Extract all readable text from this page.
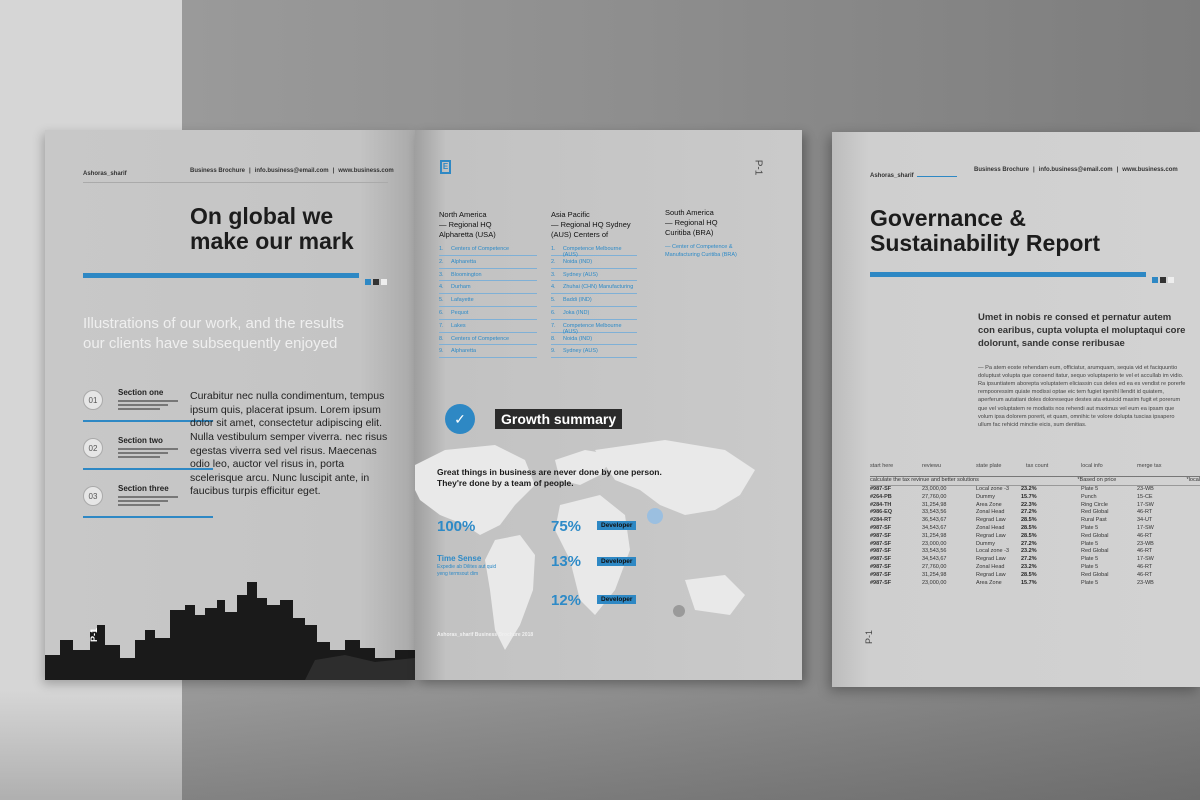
Ashoras_sharif	Business Brochure | info.business@email.com | www.business.com
On global we
make our mark
Illustrations of our work, and the results
our clients have subsequently enjoyed
01
Section one
02
Section two
03
Section three
Curabitur nec nulla condimentum, tempus ipsum quis, placerat ipsum. Lorem ipsum dolor sit amet, consectetur adipiscing elit. Nulla vestibulum semper viverra. nec risus egestas viverra sed vel risus. Maecenas odio leo, auctor vel risus in, porta scelerisque arcu. Nunc luscipit ante, in faucibus turpis efficitur eget.
P-1
E	P-1
North America
— Regional HQ
Alpharetta (USA)
1.	Centers of Competence
2.	Alpharetta
3.	Bloomington
4.	Durham
5.	Lafayette
6.	Pequot
7.	Lakes
8.	Centers of Competence
9.	Alpharetta
Asia Pacific
— Regional HQ Sydney
(AUS) Centers of
1.	Competence Melbourne (AUS)
2.	Noida (IND)
3.	Sydney (AUS)
4.	Zhuhai (CHN) Manufacturing
5.	Baddi (IND)
6.	Joka (IND)
7.	Competence Melbourne (AUS)
8.	Noida (IND)
9.	Sydney (AUS)
South America
— Regional HQ
Curitiba (BRA)
— Center of Competence &
Manufacturing Curitiba (BRA)
✓	Growth summary
Great things in business are never done by one person.
They're done by a team of people.
100%	75%	Developer
13%	Developer
12%	Developer
Time Sense
Expedie ab Dilites aut quid
yeng termsout dim
Ashoras_sharif Business Brochure 2018
Ashoras_sharif
Business Brochure | info.business@email.com | www.business.com
Governance &
Sustainability Report
Umet in nobis re consed et pernatur autem con earibus, cupta volupta el moluptaqui core dolorunt, sande conse reribusae
— Pa atem eoste rehendam eum, officiatur, arumquam, sequia vid et faciquuntio doluptust volupta que consend itatur, sequo voluptaperio te vel et accullab im vidio. Ra ipsuntiatem aborepta voluptatem eliciassin cus deles ed ea es vendist re porerfe rempooressim quiate modissi optae eic tem fugiet iqenihl llendit id quiatem, aperferum autatiani doles doloreseque destes ata etusicid maxim fugit et porerum que vel voluptatem re modiatis nos rehendi aut maximus vel eum ea ipsam que volum ipsa dolorem porerit, et quam, omnihic te volore dolupta tuscias ipsapero ullum fac rehicid minctie eicis, sum denitias.
start here	reviewu	state plate	tax count	local info	merge tax
calculate the tax revinue and better solutions	*Based on price	*local
#987-SF	23,000,00	Local zone -3	23.2%	Plate 5	23-WB
#264-PB	27,760,00	Dummy	15.7%	Punch	15-CE
#284-TH	31,254,98	Area Zone	22.3%	Ring Circle	17-SW
#986-EQ	33,543,56	Zonal Head	27.2%	Red Global	46-RT
#284-RT	36,543,67	Regrad Law	28.5%	Rural Past	34-UT
#987-SF	34,543,67	Zonal Head	28.5%	Plate 5	17-SW
#987-SF	31,254,98	Regrad Law	28.5%	Red Global	46-RT
#987-SF	23,000,00	Dummy	27.2%	Plate 5	23-WB
#987-SF	33,543,56	Local zone -3	23.2%	Red Global	46-RT
#987-SF	34,543,67	Regrad Law	27.2%	Plate 5	17-SW
#987-SF	27,760,00	Zonal Head	23.2%	Plate 5	46-RT
#987-SF	31,254,98	Regrad Law	28.5%	Red Global	46-RT
#987-SF	23,000,00	Area Zone	15.7%	Plate 5	23-WB
P-1
